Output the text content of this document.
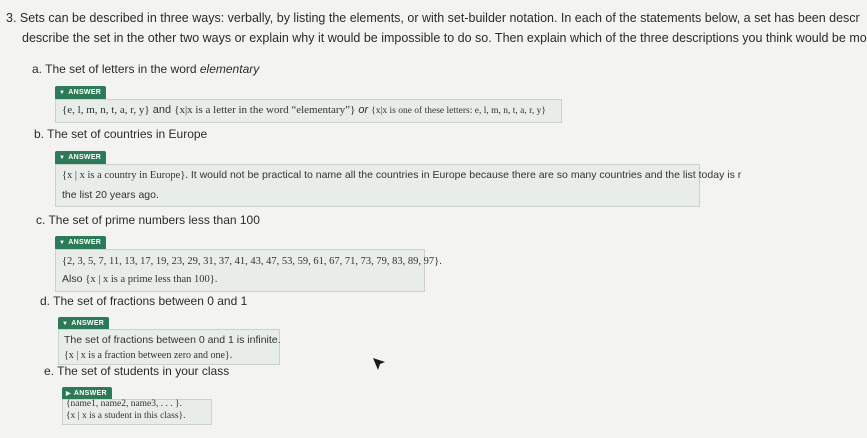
3. Sets can be described in three ways: verbally, by listing the elements, or with set-builder notation. In each of the statements below, a set has been descr
describe the set in the other two ways or explain why it would be impossible to do so. Then explain which of the three descriptions you think would be mo
a. The set of letters in the word elementary
▼ ANSWER
{e, l, m, n, t, a, r, y} and {x|x is a letter in the word “elementary”} or {x|x is one of these letters: e, l, m, n, t, a, r, y}
b. The set of countries in Europe
▼ ANSWER
{x | x is a country in Europe}. It would not be practical to name all the countries in Europe because there are so many countries and the list today is r
the list 20 years ago.
c. The set of prime numbers less than 100
▼ ANSWER
{2, 3, 5, 7, 11, 13, 17, 19, 23, 29, 31, 37, 41, 43, 47, 53, 59, 61, 67, 71, 73, 79, 83, 89, 97}.
Also {x | x is a prime less than 100}.
d. The set of fractions between 0 and 1
▼ ANSWER
The set of fractions between 0 and 1 is infinite.
{x | x is a fraction between zero and one}.
e. The set of students in your class
▶ ANSWER
{name1, name2, name3, . . . }.
{x | x is a student in this class}.
